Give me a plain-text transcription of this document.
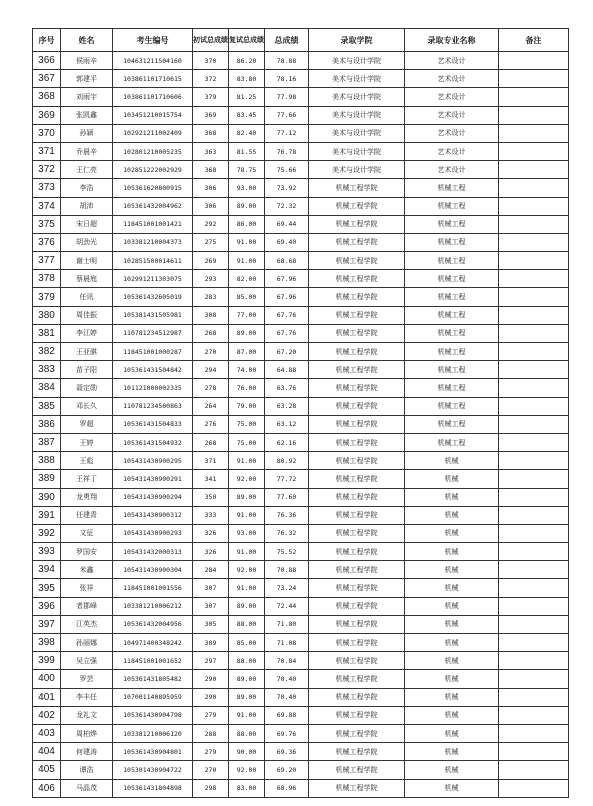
序号	姓名	考生编号	初试总成绩	复试总成绩	总成绩	录取学院	录取专业名称	备注
366	侯雨辛	104631211504160	370	86.20	78.88	美术与设计学院	艺术设计	
367	郭建平	103861101710615	372	83.80	78.16	美术与设计学院	艺术设计	
368	刘雨宇	103861101710606	379	81.25	77.98	美术与设计学院	艺术设计	
369	张凯鑫	103451210015754	369	83.45	77.66	美术与设计学院	艺术设计	
370	孙颖	102921211002409	368	82.40	77.12	美术与设计学院	艺术设计	
371	乔晨辛	102801210005235	363	81.55	76.78	美术与设计学院	艺术设计	
372	王仁亮	102851222002929	368	78.75	75.66	美术与设计学院	艺术设计	
373	李浩	105361620800915	306	93.00	73.92	机械工程学院	机械工程	
374	胡沛	105361432004962	306	89.00	72.32	机械工程学院	机械工程	
375	宋日超	118451001001421	292	86.00	69.44	机械工程学院	机械工程	
376	胡劲光	103381210004373	275	91.00	69.40	机械工程学院	机械工程	
377	谢士明	102851500014611	269	91.00	68.68	机械工程学院	机械工程	
378	蔡晨庭	102991211303075	293	82.00	67.96	机械工程学院	机械工程	
379	任讯	105361432605019	283	85.00	67.96	机械工程学院	机械工程	
380	周佳振	105381431505981	308	77.00	67.76	机械工程学院	机械工程	
381	李江婷	110781234512987	268	89.00	67.76	机械工程学院	机械工程	
382	王亚骐	118451001000287	270	87.00	67.20	机械工程学院	机械工程	
383	苗子阳	105361431504842	294	74.00	64.88	机械工程学院	机械工程	
384	聂定勋	101121000002335	278	76.00	63.76	机械工程学院	机械工程	
385	邓长久	110781234500863	264	79.00	63.28	机械工程学院	机械工程	
386	罗超	105361431504833	276	75.00	63.12	机械工程学院	机械工程	
387	王婷	105361431504932	268	75.00	62.16	机械工程学院	机械工程	
388	王彪	105431430900295	371	91.00	80.92	机械工程学院	机械	
389	王祥丁	105431430900291	341	92.00	77.72	机械工程学院	机械	
390	龙勇翔	105431430900294	350	89.00	77.60	机械工程学院	机械	
391	任建青	105431430900312	333	91.00	76.36	机械工程学院	机械	
392	文征	105431430900293	326	93.00	76.32	机械工程学院	机械	
393	罗国安	105431432000313	326	91.00	75.52	机械工程学院	机械	
394	米鑫	105431430900304	284	92.00	70.88	机械工程学院	机械	
395	张祥	118451001001556	307	91.00	73.24	机械工程学院	机械	
396	者郡峰	103381210006212	307	89.00	72.44	机械工程学院	机械	
397	江英杰	105361432004956	305	88.00	71.80	机械工程学院	机械	
398	孙丽娜	104971400348242	309	85.00	71.08	机械工程学院	机械	
399	吴立强	118451001001652	297	88.00	70.84	机械工程学院	机械	
400	罗芸	105361431805482	290	89.00	70.40	机械工程学院	机械	
401	李丰任	107001140895959	290	89.00	70.40	机械工程学院	机械	
402	龙礼文	105361430904798	279	91.00	69.88	机械工程学院	机械	
403	周柏烨	103381210006120	288	88.00	69.76	机械工程学院	机械	
404	何建涛	105361430904801	279	90.00	69.36	机械工程学院	机械	
405	谭浩	105301430904722	270	92.00	69.20	机械工程学院	机械	
406	马晶茂	105361431804898	298	83.00	68.96	机械工程学院	机械	
